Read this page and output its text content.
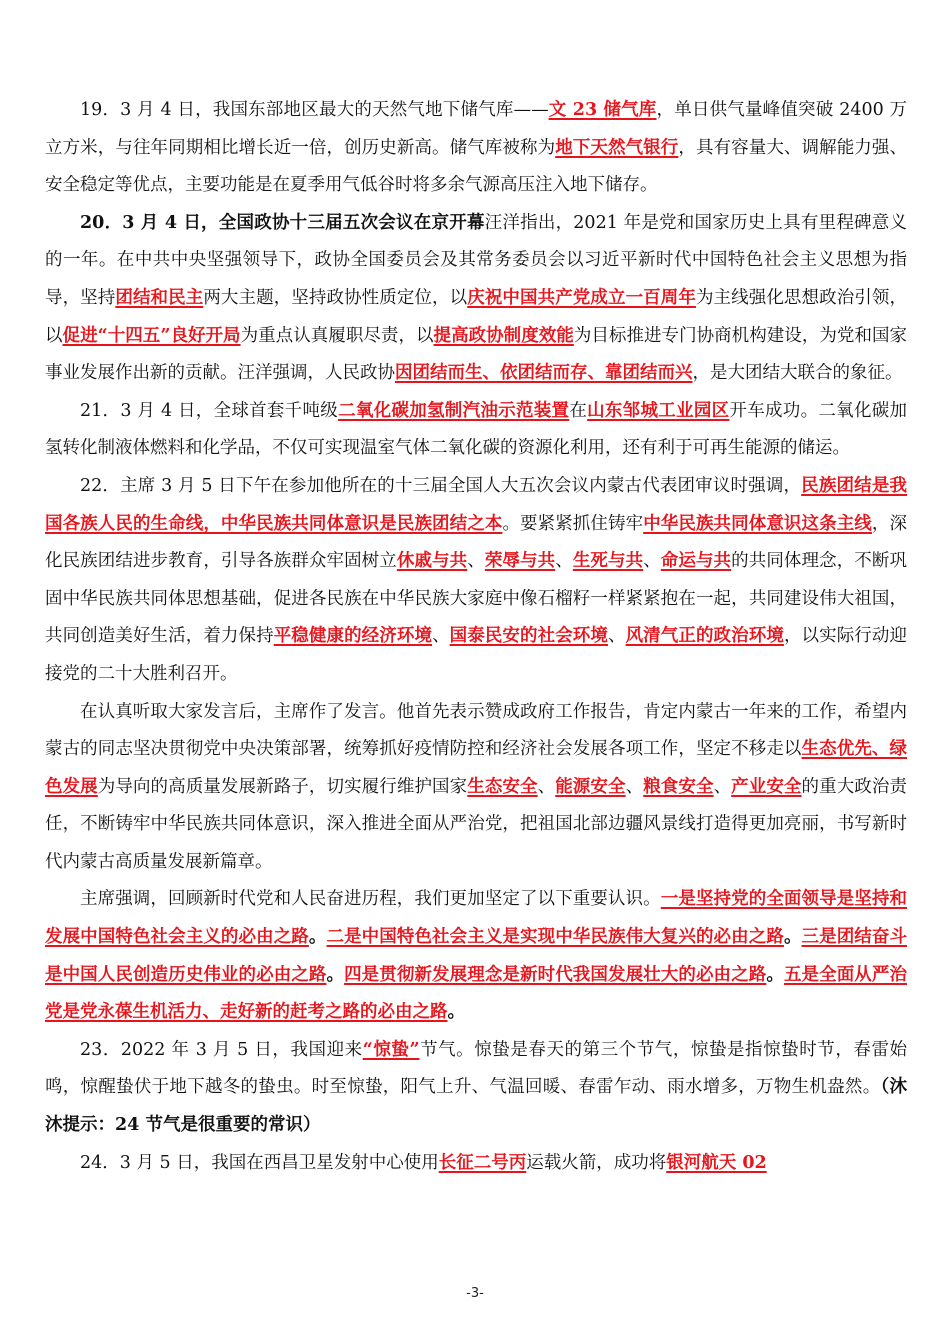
19．3 月 4 日，我国东部地区最大的天然气地下储气库——文 23 储气库，单日供气量峰值突破 2400 万立方米，与往年同期相比增长近一倍，创历史新高。储气库被称为地下天然气银行，具有容量大、调解能力强、安全稳定等优点，主要功能是在夏季用气低谷时将多余气源高压注入地下储存。

20．3 月 4 日，全国政协十三届五次会议在京开幕汪洋指出，2021 年是党和国家历史上具有里程碑意义的一年。在中共中央坚强领导下，政协全国委员会及其常务委员会以习近平新时代中国特色社会主义思想为指导，坚持团结和民主两大主题，坚持政协性质定位，以庆祝中国共产党成立一百周年为主线强化思想政治引领，以促进“十四五”良好开局为重点认真履职尽责，以提高政协制度效能为目标推进专门协商机构建设，为党和国家事业发展作出新的贡献。汪洋强调，人民政协因团结而生、依团结而存、靠团结而兴，是大团结大联合的象征。

21．3 月 4 日，全球首套千吨级二氧化碳加氢制汽油示范装置在山东邹城工业园区开车成功。二氧化碳加氢转化制液体燃料和化学品，不仅可实现温室气体二氧化碳的资源化利用，还有利于可再生能源的储运。

22．主席 3 月 5 日下午在参加他所在的十三届全国人大五次会议内蒙古代表团审议时强调，民族团结是我国各族人民的生命线，中华民族共同体意识是民族团结之本。要紧紧抓住铸牢中华民族共同体意识这条主线，深化民族团结进步教育，引导各族群众牢固树立休戚与共、荣辱与共、生死与共、命运与共的共同体理念，不断巩固中华民族共同体思想基础，促进各民族在中华民族大家庭中像石榴籽一样紧紧抱在一起，共同建设伟大祖国，共同创造美好生活，着力保持平稳健康的经济环境、国泰民安的社会环境、风清气正的政治环境，以实际行动迎接党的二十大胜利召开。

在认真听取大家发言后，主席作了发言。他首先表示赞成政府工作报告，肯定内蒙古一年来的工作，希望内蒙古的同志坚决贯彻党中央决策部署，统筹抓好疫情防控和经济社会发展各项工作，坚定不移走以生态优先、绿色发展为导向的高质量发展新路子，切实履行维护国家生态安全、能源安全、粮食安全、产业安全的重大政治责任，不断铸牢中华民族共同体意识，深入推进全面从严治党，把祖国北部边疆风景线打造得更加亮丽，书写新时代内蒙古高质量发展新篇章。

主席强调，回顾新时代党和人民奋进历程，我们更加坚定了以下重要认识。一是坚持党的全面领导是坚持和发展中国特色社会主义的必由之路。二是中国特色社会主义是实现中华民族伟大复兴的必由之路。三是团结奋斗是中国人民创造历史伟业的必由之路。四是贯彻新发展理念是新时代我国发展壮大的必由之路。五是全面从严治党是党永葆生机活力、走好新的赶考之路的必由之路。

23．2022 年 3 月 5 日，我国迎来“惊蛰”节气。惊蛰是春天的第三个节气，惊蛰是指惊蛰时节，春雷始鸣，惊醒蛰伏于地下越冬的蛰虫。时至惊蛰，阳气上升、气温回暖、春雷乍动、雨水增多，万物生机盎然。（沐沐提示：24 节气是很重要的常识）

24．3 月 5 日，我国在西昌卫星发射中心使用长征二号丙运载火箭，成功将银河航天 02

-3-
